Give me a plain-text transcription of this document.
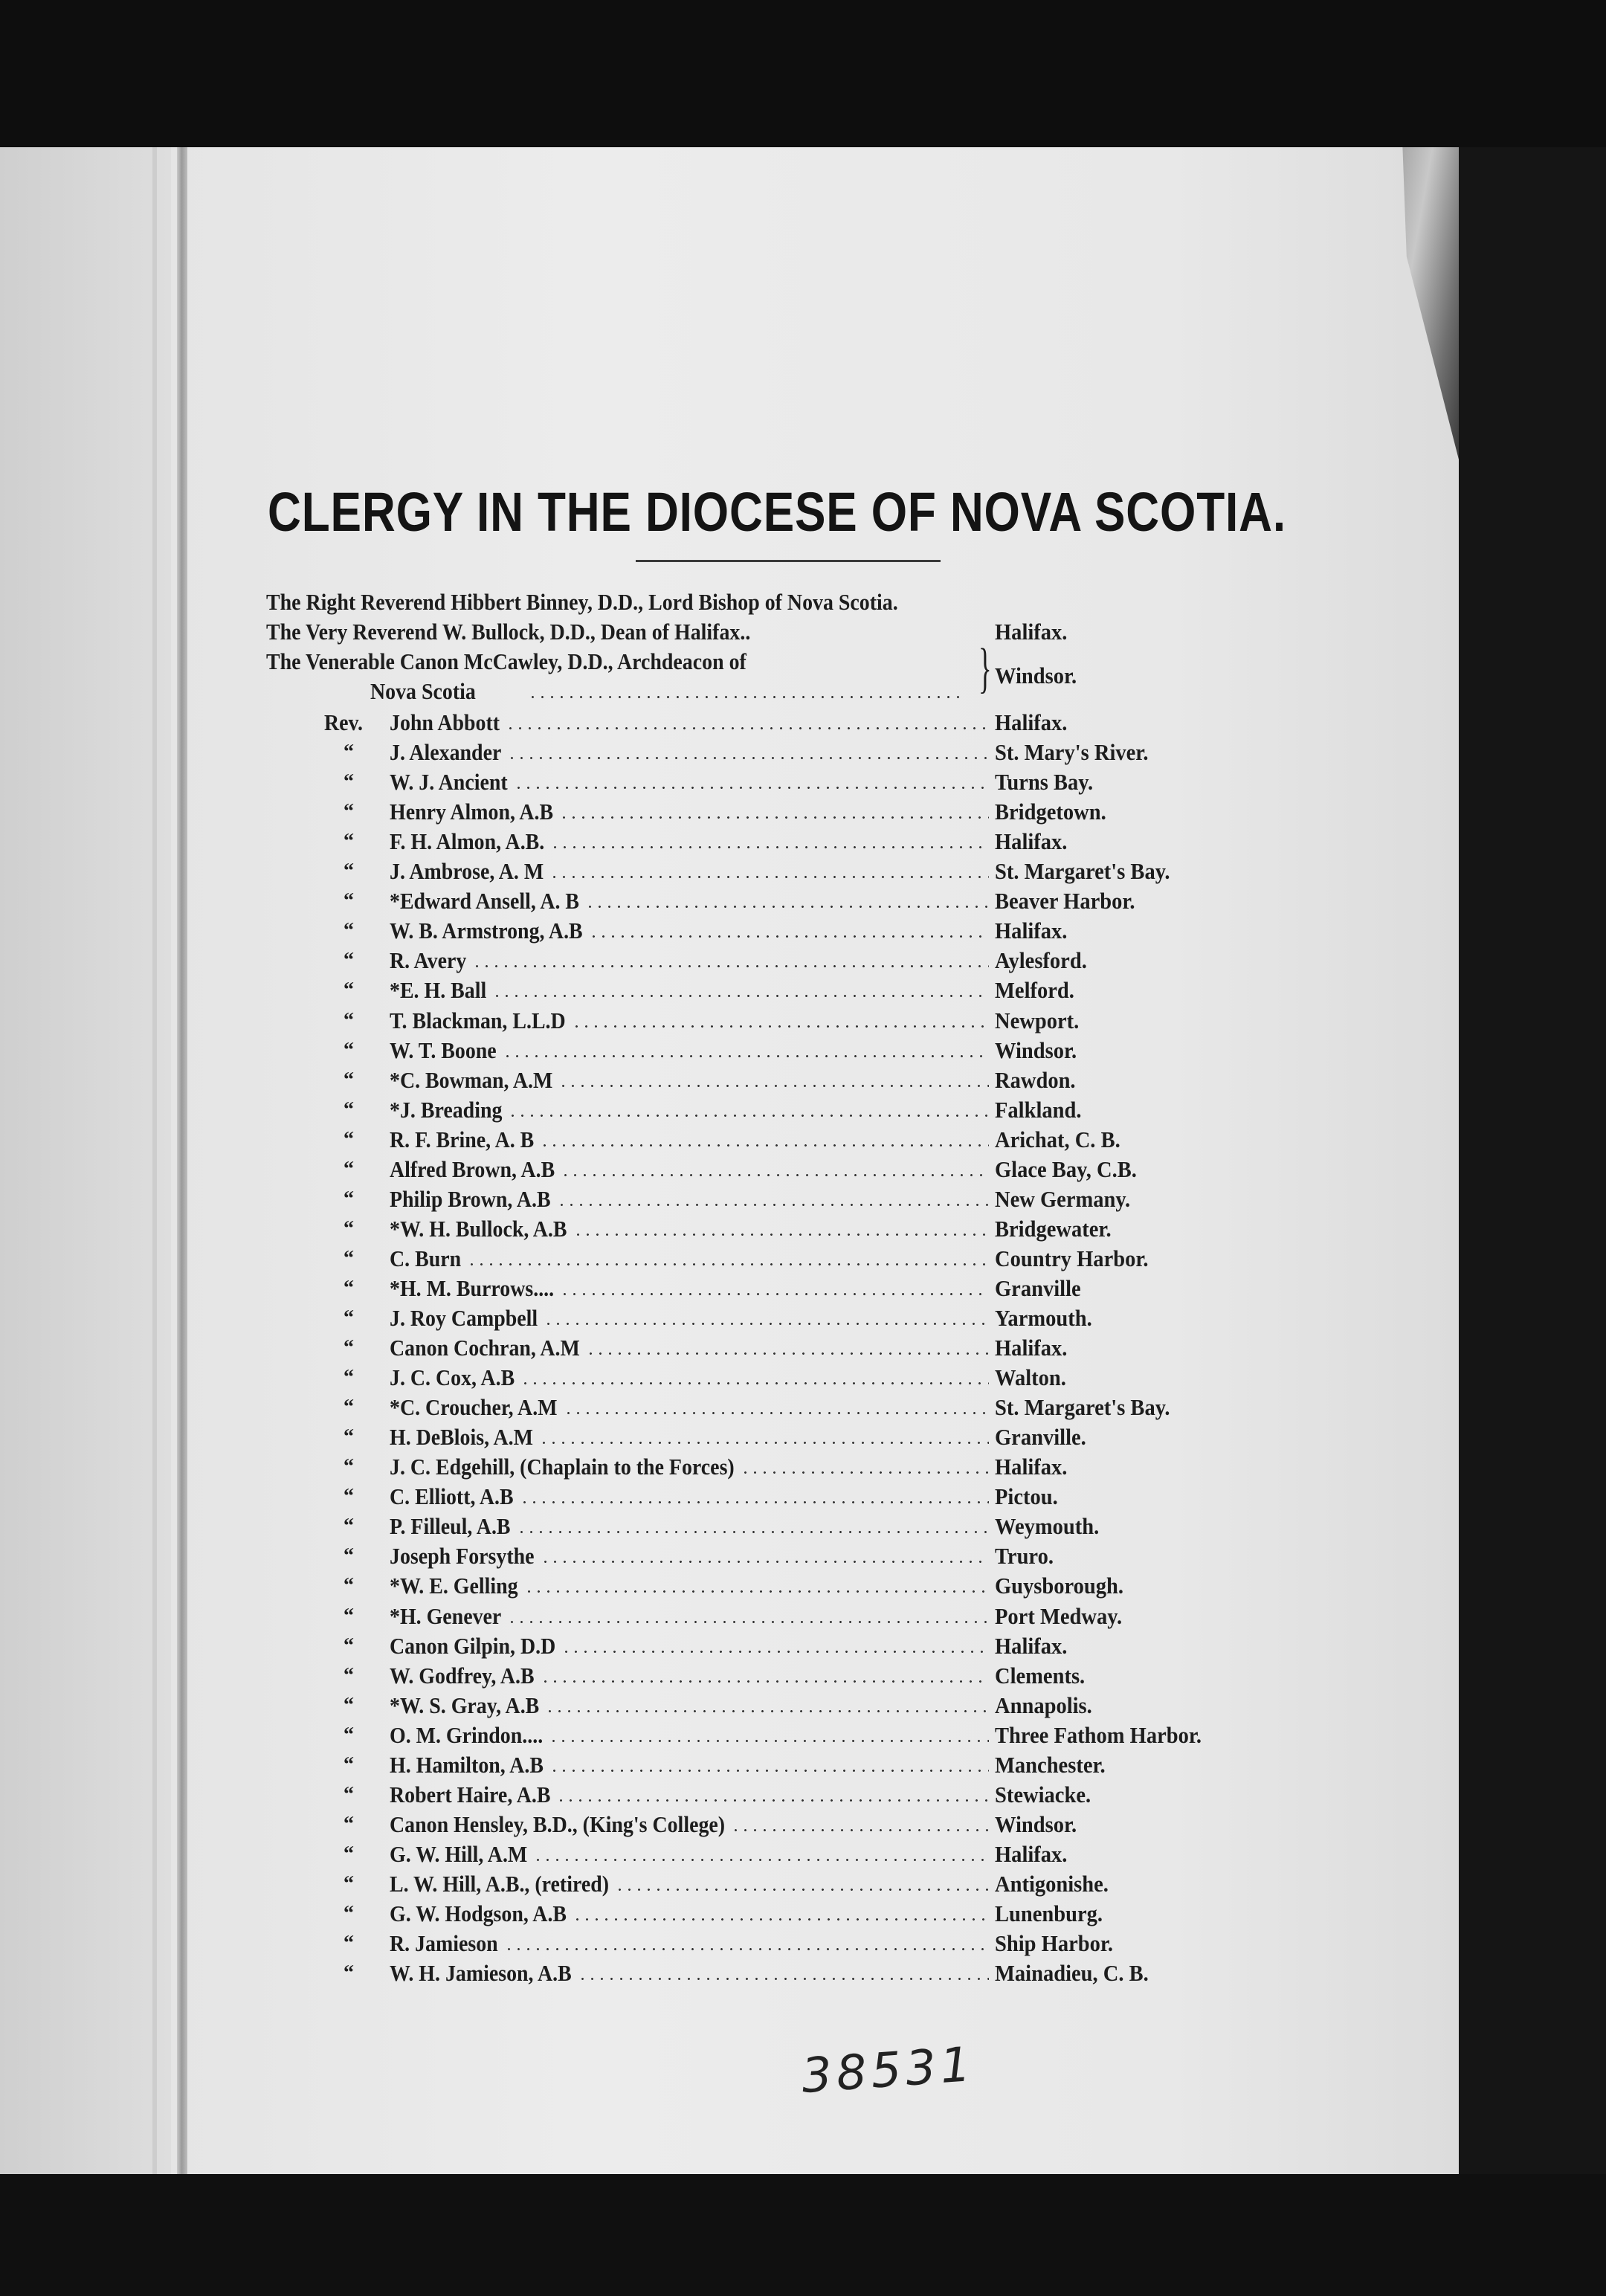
CLERGY IN THE DIOCESE OF NOVA SCOTIA.
The Right Reverend Hibbert Binney, D.D., Lord Bishop of Nova Scotia.
The Very Reverend W. Bullock, D.D., Dean of Halifax..	Halifax.
The Venerable Canon McCawley, D.D., Archdeacon of
Nova Scotia	} Windsor.
Rev. John Abbott	Halifax.
“ J. Alexander	St. Mary's River.
“ W. J. Ancient	Turns Bay.
“ Henry Almon, A.B	Bridgetown.
“ F. H. Almon, A.B.	Halifax.
“ J. Ambrose, A. M	St. Margaret's Bay.
“ *Edward Ansell, A. B	Beaver Harbor.
“ W. B. Armstrong, A.B	Halifax.
“ R. Avery	Aylesford.
“ *E. H. Ball	Melford.
“ T. Blackman, L.L.D	Newport.
“ W. T. Boone	Windsor.
“ *C. Bowman, A.M	Rawdon.
“ *J. Breading	Falkland.
“ R. F. Brine, A. B	Arichat, C. B.
“ Alfred Brown, A.B	Glace Bay, C.B.
“ Philip Brown, A.B	New Germany.
“ *W. H. Bullock, A.B	Bridgewater.
“ C. Burn	Country Harbor.
“ *H. M. Burrows....	Granville
“ J. Roy Campbell	Yarmouth.
“ Canon Cochran, A.M	Halifax.
“ J. C. Cox, A.B	Walton.
“ *C. Croucher, A.M	St. Margaret's Bay.
“ H. DeBlois, A.M	Granville.
“ J. C. Edgehill, (Chaplain to the Forces)	Halifax.
“ C. Elliott, A.B	Pictou.
“ P. Filleul, A.B	Weymouth.
“ Joseph Forsythe	Truro.
“ *W. E. Gelling	Guysborough.
“ *H. Genever	Port Medway.
“ Canon Gilpin, D.D	Halifax.
“ W. Godfrey, A.B	Clements.
“ *W. S. Gray, A.B	Annapolis.
“ O. M. Grindon....	Three Fathom Harbor.
“ H. Hamilton, A.B	Manchester.
“ Robert Haire, A.B	Stewiacke.
“ Canon Hensley, B.D., (King's College)	Windsor.
“ G. W. Hill, A.M	Halifax.
“ L. W. Hill, A.B., (retired)	Antigonishe.
“ G. W. Hodgson, A.B	Lunenburg.
“ R. Jamieson	Ship Harbor.
“ W. H. Jamieson, A.B	Mainadieu, C. B.
38531
